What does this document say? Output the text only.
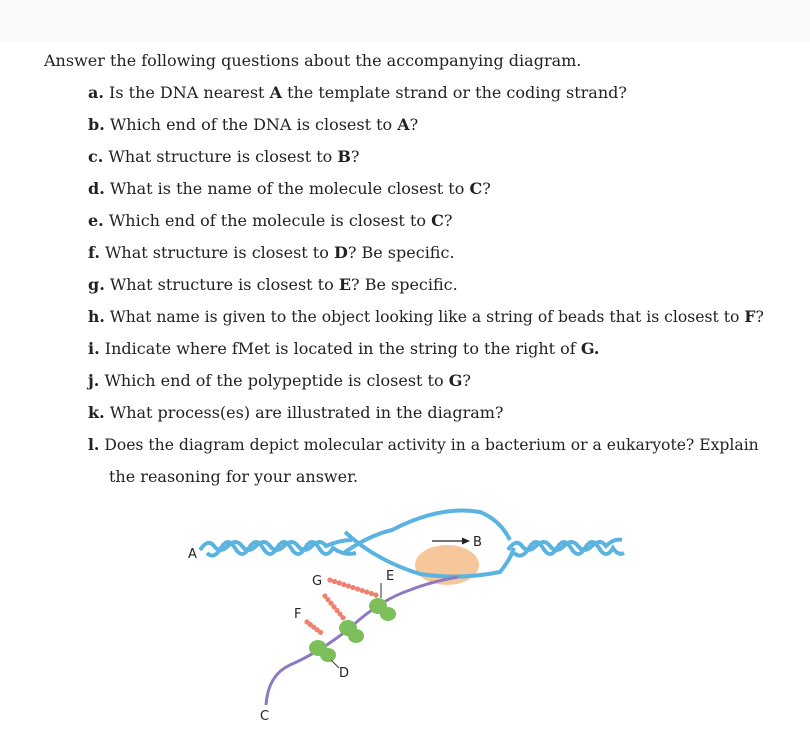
Answer the following questions about the accompanying diagram.
a. Is the DNA nearest A the template strand or the coding strand?
b. Which end of the DNA is closest to A?
c. What structure is closest to B?
d. What is the name of the molecule closest to C?
e. Which end of the molecule is closest to C?
f. What structure is closest to D? Be specific.
g. What structure is closest to E? Be specific.
h. What name is given to the object looking like a string of beads that is closest to F?
i. Indicate where fMet is located in the string to the right of G.
j. Which end of the polypeptide is closest to G?
k. What process(es) are illustrated in the diagram?
l. Does the diagram depict molecular activity in a bacterium or a eukaryote? Explain
the reasoning for your answer.
A
B
C
D
E
F
G
